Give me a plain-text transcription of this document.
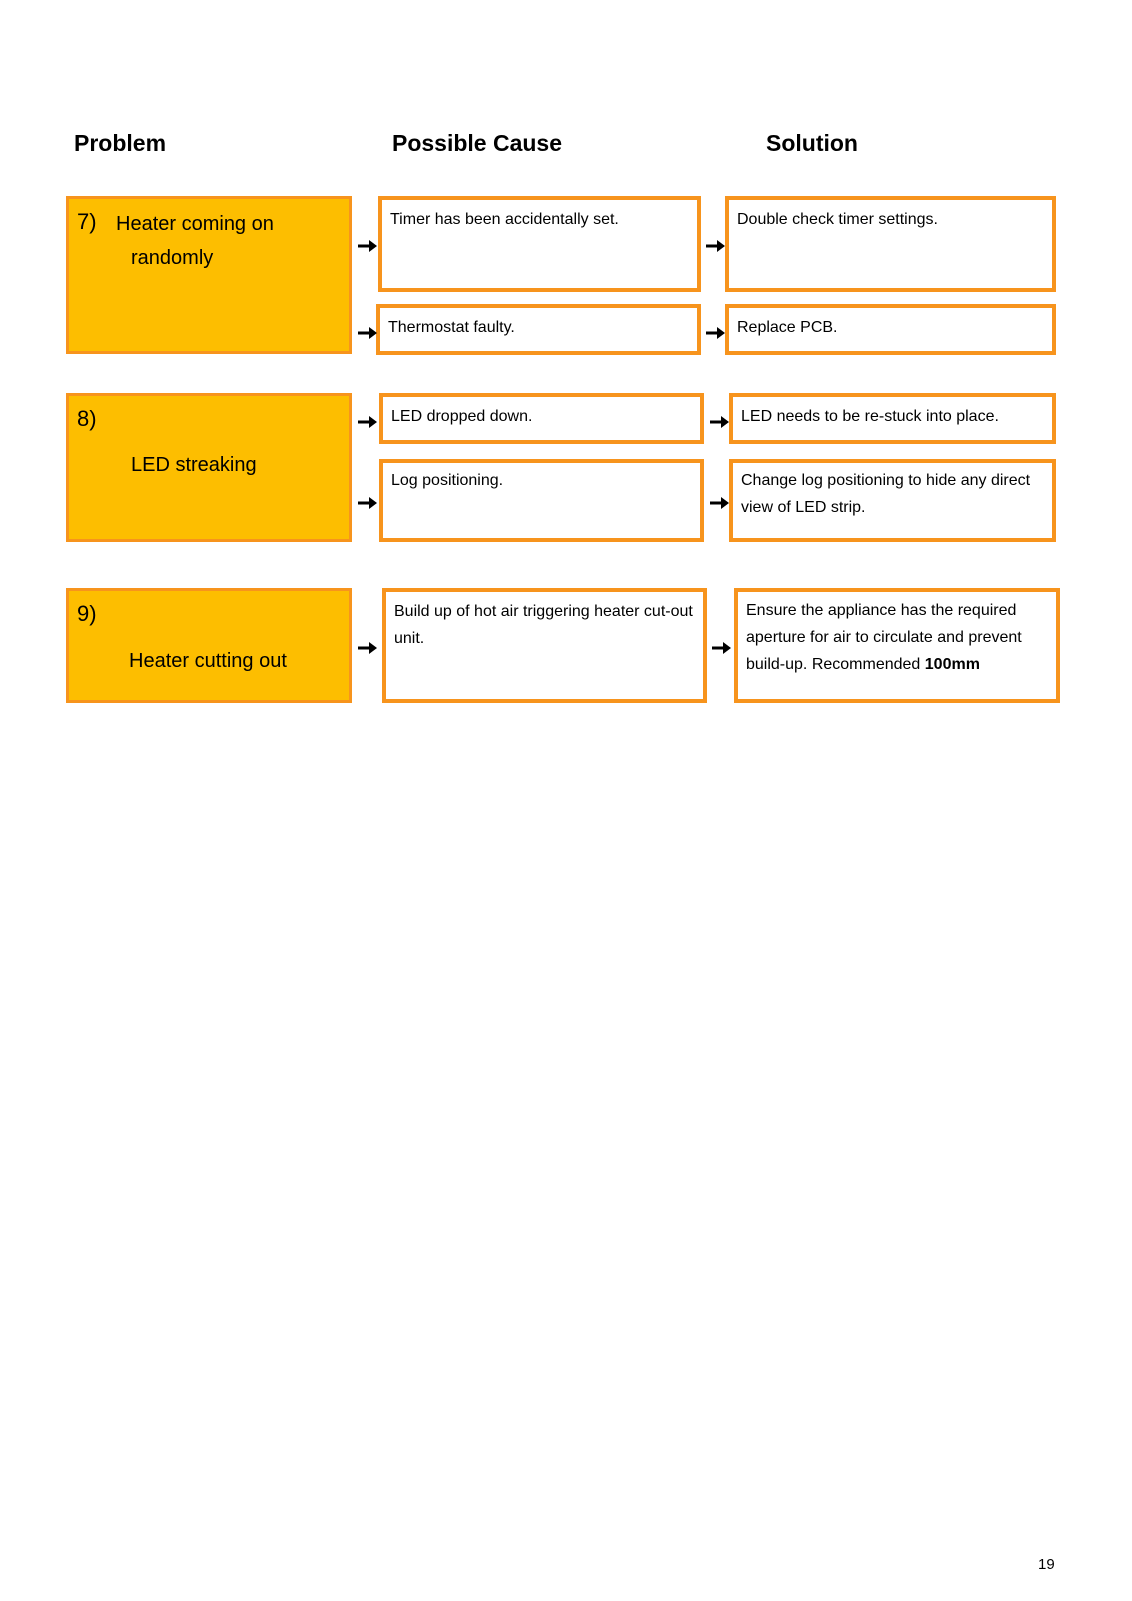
Problem	Possible Cause	Solution
7) Heater coming on
randomly
Timer has been accidentally set.
Thermostat faulty.
Double check timer settings.
Replace PCB.
8)
LED streaking
LED dropped down.
Log positioning.
LED needs to be re-stuck into place.
Change log positioning to hide any direct view of LED strip.
9)
Heater cutting out
Build up of hot air triggering heater cut-out unit.
Ensure the appliance has the required aperture for air to circulate and prevent build-up. Recommended 100mm
19
